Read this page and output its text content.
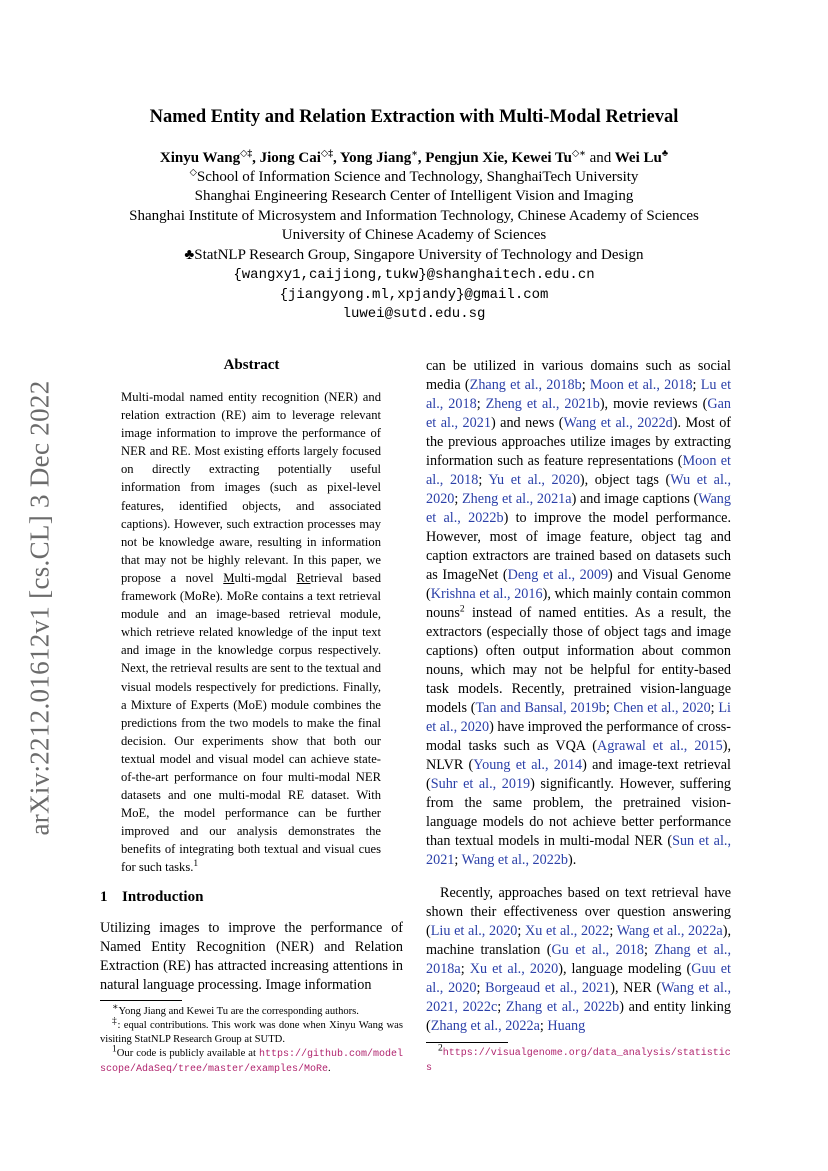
arXiv:2212.01612v1 [cs.CL] 3 Dec 2022
Named Entity and Relation Extraction with Multi-Modal Retrieval
Xinyu Wang◇‡, Jiong Cai◇‡, Yong Jiang∗, Pengjun Xie, Kewei Tu◇∗ and Wei Lu♣
◇School of Information Science and Technology, ShanghaiTech University
Shanghai Engineering Research Center of Intelligent Vision and Imaging
Shanghai Institute of Microsystem and Information Technology, Chinese Academy of Sciences
University of Chinese Academy of Sciences
♣StatNLP Research Group, Singapore University of Technology and Design
{wangxy1,caijiong,tukw}@shanghaitech.edu.cn
{jiangyong.ml,xpjandy}@gmail.com
luwei@sutd.edu.sg
Abstract
Multi-modal named entity recognition (NER) and relation extraction (RE) aim to leverage relevant image information to improve the performance of NER and RE. Most existing efforts largely focused on directly extracting potentially useful information from images (such as pixel-level features, identified objects, and associated captions). However, such extraction processes may not be knowledge aware, resulting in information that may not be highly relevant. In this paper, we propose a novel Multi-modal Retrieval based framework (MoRe). MoRe contains a text retrieval module and an image-based retrieval module, which retrieve related knowledge of the input text and image in the knowledge corpus respectively. Next, the retrieval results are sent to the textual and visual models respectively for predictions. Finally, a Mixture of Experts (MoE) module combines the predictions from the two models to make the final decision. Our experiments show that both our textual model and visual model can achieve state-of-the-art performance on four multi-modal NER datasets and one multi-modal RE dataset. With MoE, the model performance can be further improved and our analysis demonstrates the benefits of integrating both textual and visual cues for such tasks.$^1$
1 Introduction
Utilizing images to improve the performance of Named Entity Recognition (NER) and Relation Extraction (RE) has attracted increasing attentions in natural language processing. Image information
∗Yong Jiang and Kewei Tu are the corresponding authors.
‡: equal contributions. This work was done when Xinyu Wang was visiting StatNLP Research Group at SUTD.
$^1$Our code is publicly available at https://github.com/modelscope/AdaSeq/tree/master/examples/MoRe.
can be utilized in various domains such as social media (Zhang et al., 2018b; Moon et al., 2018; Lu et al., 2018; Zheng et al., 2021b), movie reviews (Gan et al., 2021) and news (Wang et al., 2022d). Most of the previous approaches utilize images by extracting information such as feature representations (Moon et al., 2018; Yu et al., 2020), object tags (Wu et al., 2020; Zheng et al., 2021a) and image captions (Wang et al., 2022b) to improve the model performance. However, most of image feature, object tag and caption extractors are trained based on datasets such as ImageNet (Deng et al., 2009) and Visual Genome (Krishna et al., 2016), which mainly contain common nouns$^2$ instead of named entities. As a result, the extractors (especially those of object tags and image captions) often output information about common nouns, which may not be helpful for entity-based task models. Recently, pretrained vision-language models (Tan and Bansal, 2019b; Chen et al., 2020; Li et al., 2020) have improved the performance of cross-modal tasks such as VQA (Agrawal et al., 2015), NLVR (Young et al., 2014) and image-text retrieval (Suhr et al., 2019) significantly. However, suffering from the same problem, the pretrained vision-language models do not achieve better performance than textual models in multi-modal NER (Sun et al., 2021; Wang et al., 2022b).
Recently, approaches based on text retrieval have shown their effectiveness over question answering (Liu et al., 2020; Xu et al., 2022; Wang et al., 2022a), machine translation (Gu et al., 2018; Zhang et al., 2018a; Xu et al., 2020), language modeling (Guu et al., 2020; Borgeaud et al., 2021), NER (Wang et al., 2021, 2022c; Zhang et al., 2022b) and entity linking (Zhang et al., 2022a; Huang
$^2$https://visualgenome.org/data_analysis/statistics
